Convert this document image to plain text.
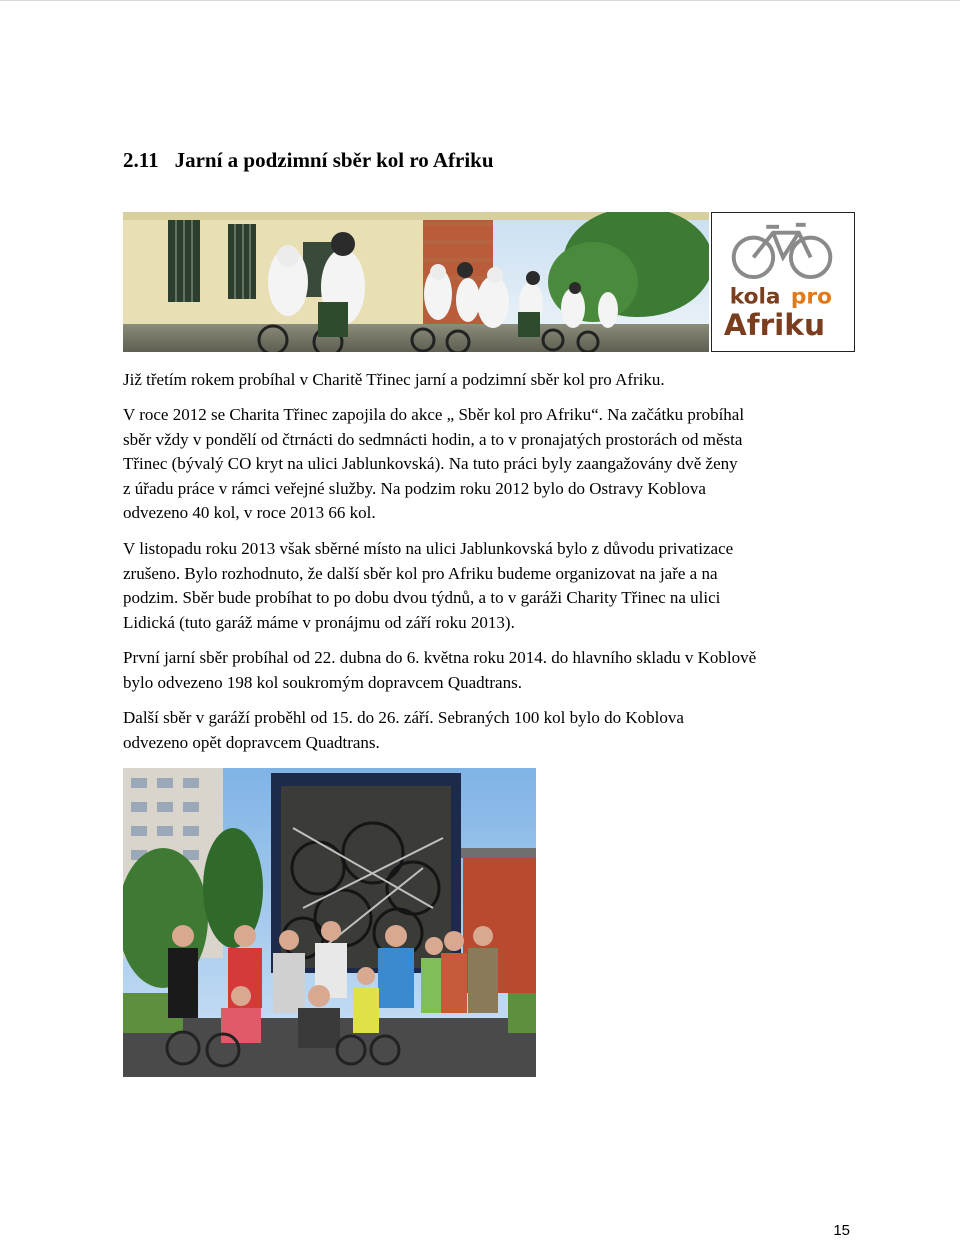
2.11 Jarní a podzimní sběr kol ro Afriku
kola pro
Afriku
Již třetím rokem probíhal v Charitě Třinec jarní a podzimní sběr kol pro Afriku.
V roce 2012 se Charita Třinec zapojila do akce „ Sběr kol pro Afriku“. Na začátku probíhal
sběr vždy v pondělí od čtrnácti do sedmnácti hodin, a to v pronajatých prostorách od města
Třinec (bývalý CO kryt na ulici Jablunkovská). Na tuto práci byly zaangažovány dvě ženy
z úřadu práce v rámci veřejné služby. Na podzim roku 2012 bylo do Ostravy Koblova
odvezeno 40 kol, v roce 2013 66 kol.
V listopadu roku 2013 však sběrné místo na ulici Jablunkovská bylo z důvodu privatizace
zrušeno. Bylo rozhodnuto, že další sběr kol pro Afriku budeme organizovat na jaře a na
podzim. Sběr bude probíhat to po dobu dvou týdnů, a to v garáži Charity Třinec na ulici
Lidická (tuto garáž máme v pronájmu od září roku 2013).
První jarní sběr probíhal od 22. dubna do 6. května roku 2014. do hlavního skladu v Koblově
bylo odvezeno 198 kol soukromým dopravcem Quadtrans.
Další sběr v garáží proběhl od 15. do 26. září. Sebraných 100 kol bylo do Koblova
odvezeno opět dopravcem Quadtrans.
15
